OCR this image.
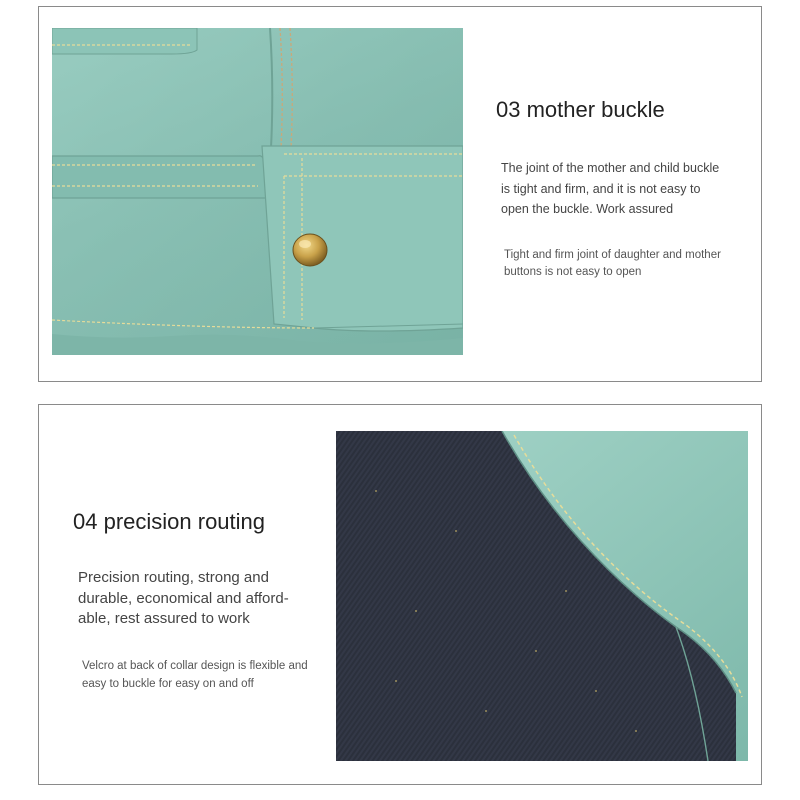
03 mother buckle
The joint of the mother and child buckle
is tight and firm, and it is not easy to
open the buckle. Work assured
Tight and firm joint of daughter and mother
buttons is not easy to open
04 precision routing
Precision routing, strong and
durable, economical and afford-
able, rest assured to work
Velcro at back of collar design is flexible and
easy to buckle for easy on and off
